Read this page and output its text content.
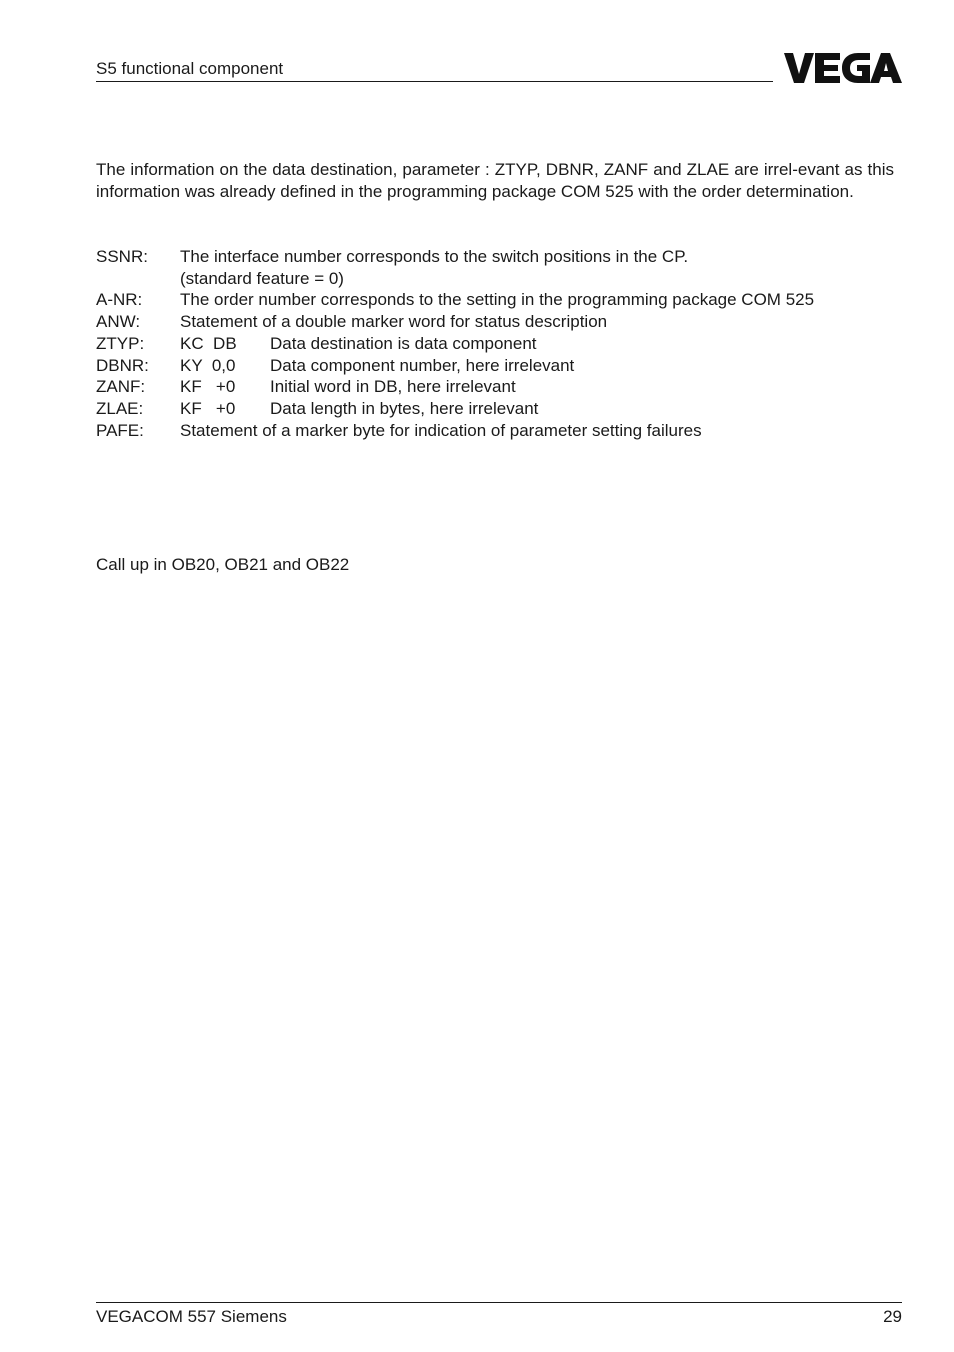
S5 functional component
The information on the data destination, parameter : ZTYP, DBNR, ZANF and ZLAE are irrel-evant as this information was already defined in the programming package COM 525 with the order determination.
SSNR:	The interface number corresponds to the switch positions in the CP.
(standard feature = 0)
A-NR:	The order number corresponds to the setting in the programming package COM 525
ANW:	Statement of a double marker word for status description
ZTYP:	KC  DB	Data destination is data component
DBNR:	KY  0,0	Data component number, here irrelevant
ZANF:	KF   +0	Initial word in DB, here irrelevant
ZLAE:	KF   +0	Data length in bytes, here irrelevant
PAFE:	Statement of a marker byte for indication of parameter setting failures
Call up in OB20, OB21 and OB22
VEGACOM 557 Siemens	29
